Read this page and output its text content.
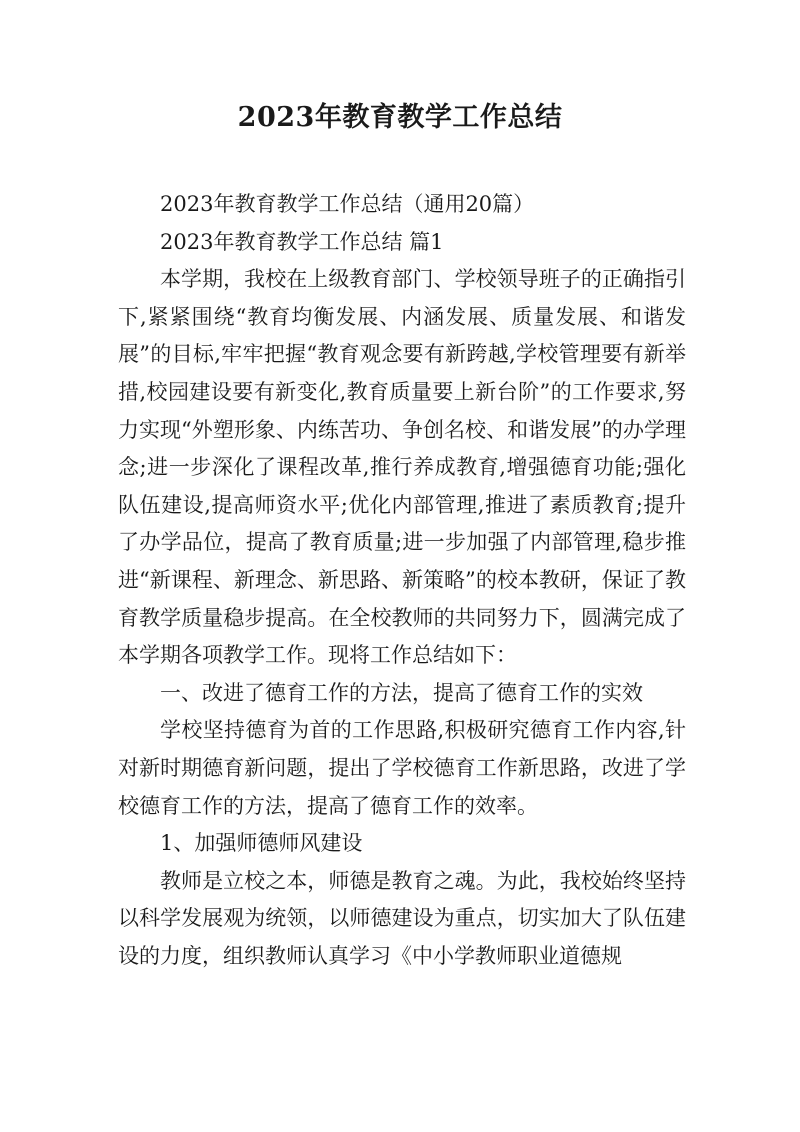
2023年教育教学工作总结

2023年教育教学工作总结（通用20篇）

2023年教育教学工作总结 篇1

本学期，我校在上级教育部门、学校领导班子的正确指引下,紧紧围绕“教育均衡发展、内涵发展、质量发展、和谐发展”的目标,牢牢把握“教育观念要有新跨越,学校管理要有新举措,校园建设要有新变化,教育质量要上新台阶”的工作要求,努力实现“外塑形象、内练苦功、争创名校、和谐发展”的办学理念;进一步深化了课程改革,推行养成教育,增强德育功能;强化队伍建设,提高师资水平;优化内部管理,推进了素质教育;提升了办学品位，提高了教育质量;进一步加强了内部管理,稳步推进“新课程、新理念、新思路、新策略”的校本教研，保证了教育教学质量稳步提高。在全校教师的共同努力下，圆满完成了本学期各项教学工作。现将工作总结如下：

一、改进了德育工作的方法，提高了德育工作的实效

学校坚持德育为首的工作思路,积极研究德育工作内容,针对新时期德育新问题，提出了学校德育工作新思路，改进了学校德育工作的方法，提高了德育工作的效率。

1、加强师德师风建设

教师是立校之本，师德是教育之魂。为此，我校始终坚持以科学发展观为统领，以师德建设为重点，切实加大了队伍建设的力度，组织教师认真学习《中小学教师职业道德规
